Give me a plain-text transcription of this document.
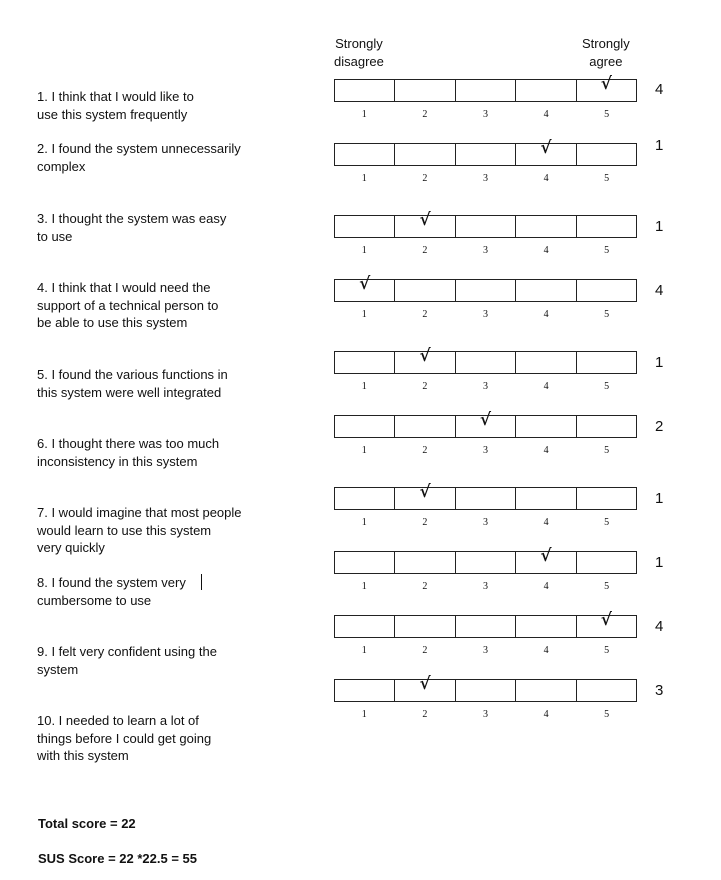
Strongly
disagree
Strongly
agree
1. I think that I would like to
use this system frequently
√
1	2	3	4	5
4
2. I found the system unnecessarily
complex
√
1	2	3	4	5
1
3. I thought the system was easy
to use
√
1	2	3	4	5
1
4. I think that I would need the
support of a technical person to
be able to use this system
√
1	2	3	4	5
4
5. I found the various functions in
this system were well integrated
√
1	2	3	4	5
1
6. I thought there was too much
inconsistency in this system
√
1	2	3	4	5
2
7. I would imagine that most people
would learn to use this system
very quickly
√
1	2	3	4	5
1
8. I found the system very
cumbersome to use
√
1	2	3	4	5
1
9. I felt very confident using the
system
√
1	2	3	4	5
4
10. I needed to learn a lot of
things before I could get going
with this system
√
1	2	3	4	5
3
Total score = 22
SUS Score = 22 *22.5 = 55
